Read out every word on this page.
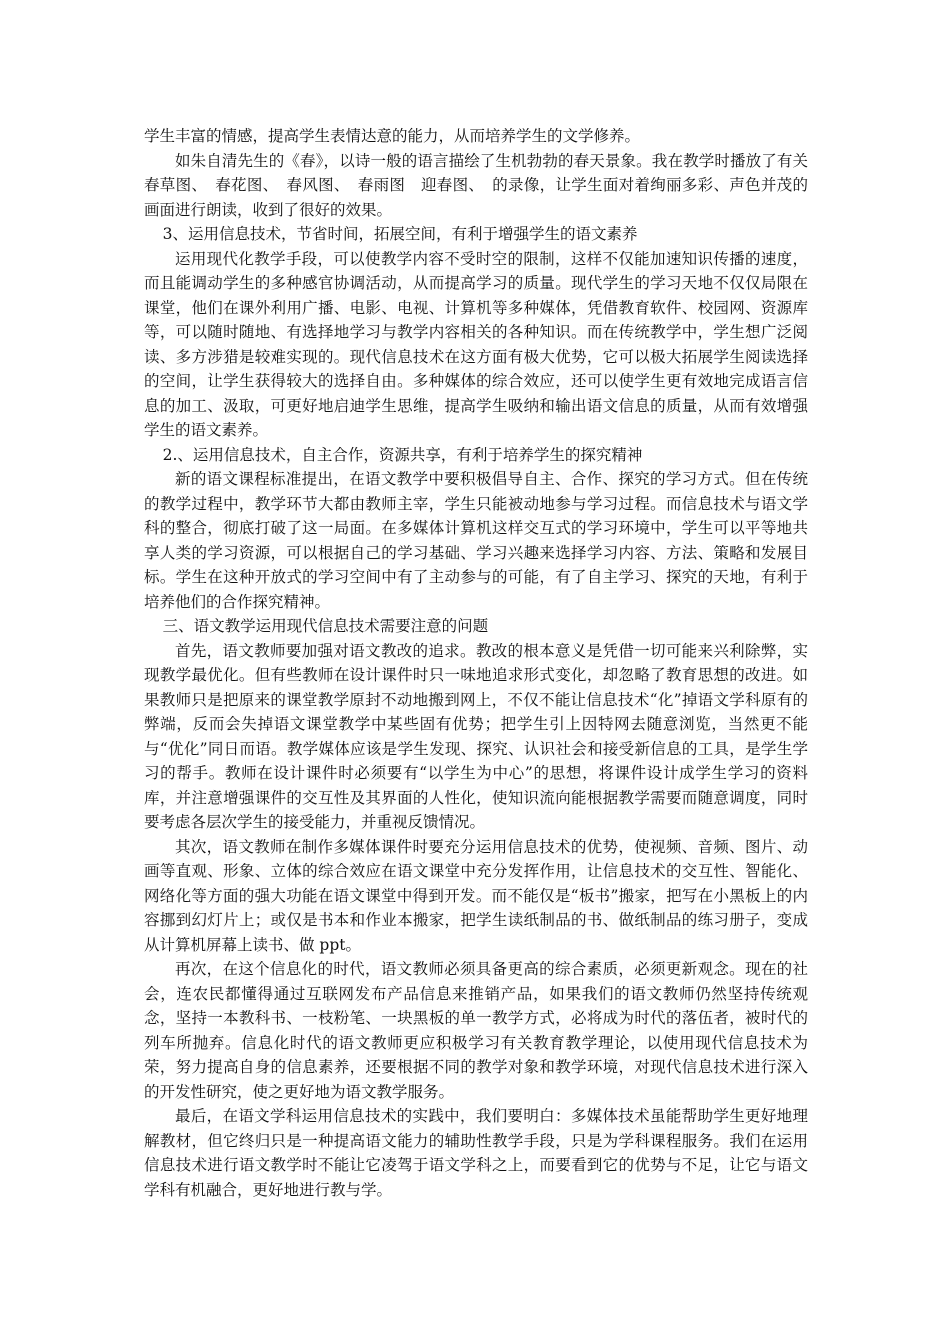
学生丰富的情感，提高学生表情达意的能力，从而培养学生的文学修养。

如朱自清先生的《春》，以诗一般的语言描绘了生机勃勃的春天景象。我在教学时播放了有关春草图、　春花图、　春风图、　春雨图　迎春图、　的录像，让学生面对着绚丽多彩、声色并茂的画面进行朗读，收到了很好的效果。

3、运用信息技术，节省时间，拓展空间，有利于增强学生的语文素养

运用现代化教学手段，可以使教学内容不受时空的限制，这样不仅能加速知识传播的速度，而且能调动学生的多种感官协调活动，从而提高学习的质量。现代学生的学习天地不仅仅局限在课堂，他们在课外利用广播、电影、电视、计算机等多种媒体，凭借教育软件、校园网、资源库等，可以随时随地、有选择地学习与教学内容相关的各种知识。而在传统教学中，学生想广泛阅读、多方涉猎是较难实现的。现代信息技术在这方面有极大优势，它可以极大拓展学生阅读选择的空间，让学生获得较大的选择自由。多种媒体的综合效应，还可以使学生更有效地完成语言信息的加工、汲取，可更好地启迪学生思维，提高学生吸纳和输出语文信息的质量，从而有效增强学生的语文素养。

2.、运用信息技术，自主合作，资源共享，有利于培养学生的探究精神

新的语文课程标准提出，在语文教学中要积极倡导自主、合作、探究的学习方式。但在传统的教学过程中，教学环节大都由教师主宰，学生只能被动地参与学习过程。而信息技术与语文学科的整合，彻底打破了这一局面。在多媒体计算机这样交互式的学习环境中，学生可以平等地共享人类的学习资源，可以根据自己的学习基础、学习兴趣来选择学习内容、方法、策略和发展目标。学生在这种开放式的学习空间中有了主动参与的可能，有了自主学习、探究的天地，有利于培养他们的合作探究精神。

三、语文教学运用现代信息技术需要注意的问题

首先，语文教师要加强对语文教改的追求。教改的根本意义是凭借一切可能来兴利除弊，实现教学最优化。但有些教师在设计课件时只一味地追求形式变化，却忽略了教育思想的改进。如果教师只是把原来的课堂教学原封不动地搬到网上，不仅不能让信息技术“化”掉语文学科原有的弊端，反而会失掉语文课堂教学中某些固有优势；把学生引上因特网去随意浏览，当然更不能与“优化”同日而语。教学媒体应该是学生发现、探究、认识社会和接受新信息的工具，是学生学习的帮手。教师在设计课件时必须要有“以学生为中心”的思想，将课件设计成学生学习的资料库，并注意增强课件的交互性及其界面的人性化，使知识流向能根据教学需要而随意调度，同时要考虑各层次学生的接受能力，并重视反馈情况。

其次，语文教师在制作多媒体课件时要充分运用信息技术的优势，使视频、音频、图片、动画等直观、形象、立体的综合效应在语文课堂中充分发挥作用，让信息技术的交互性、智能化、网络化等方面的强大功能在语文课堂中得到开发。而不能仅是“板书”搬家，把写在小黑板上的内容挪到幻灯片上；或仅是书本和作业本搬家，把学生读纸制品的书、做纸制品的练习册子，变成从计算机屏幕上读书、做 ppt。

再次，在这个信息化的时代，语文教师必须具备更高的综合素质，必须更新观念。现在的社会，连农民都懂得通过互联网发布产品信息来推销产品，如果我们的语文教师仍然坚持传统观念，坚持一本教科书、一枝粉笔、一块黑板的单一教学方式，必将成为时代的落伍者，被时代的列车所抛弃。信息化时代的语文教师更应积极学习有关教育教学理论，以使用现代信息技术为荣，努力提高自身的信息素养，还要根据不同的教学对象和教学环境，对现代信息技术进行深入的开发性研究，使之更好地为语文教学服务。

最后，在语文学科运用信息技术的实践中，我们要明白：多媒体技术虽能帮助学生更好地理解教材，但它终归只是一种提高语文能力的辅助性教学手段，只是为学科课程服务。我们在运用信息技术进行语文教学时不能让它凌驾于语文学科之上，而要看到它的优势与不足，让它与语文学科有机融合，更好地进行教与学。
